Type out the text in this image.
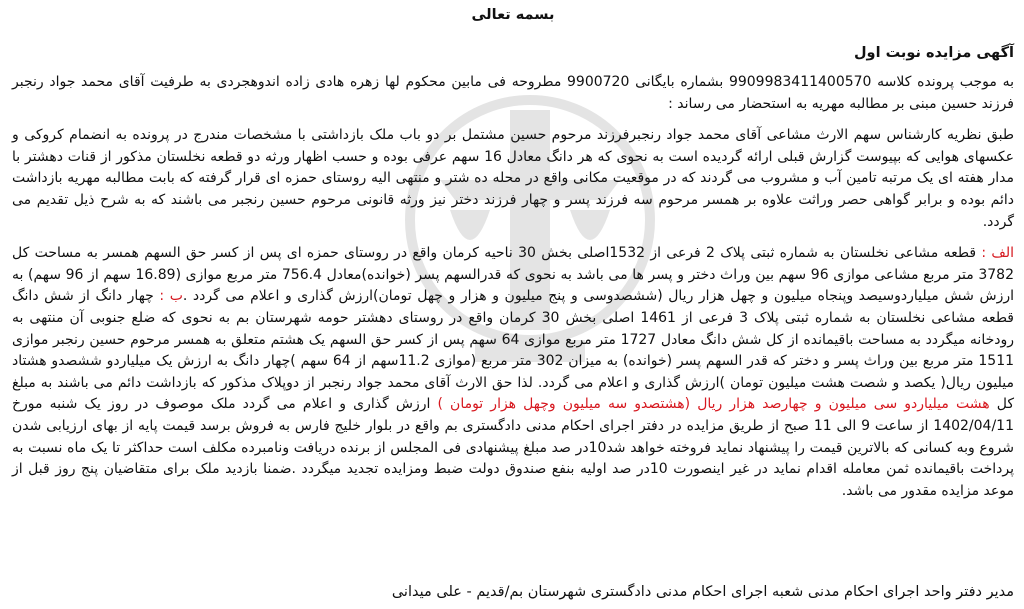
بسمه تعالی
آگهی مزایده نوبت اول

به موجب پرونده کلاسه 9909983411400570 بشماره بایگانی 9900720 مطروحه فی مابین محکوم لها زهره هادی زاده اندوهجردی به طرفیت آقای محمد جواد رنجبر فرزند حسین مبنی بر مطالبه مهریه به استحضار می رساند :

طبق نظریه کارشناس سهم الارث مشاعی آقای محمد جواد رنجبرفرزند مرحوم حسین مشتمل بر دو باب ملک بازداشتی با مشخصات مندرج در پرونده به انضمام کروکی و عکسهای هوایی که بپیوست گزارش قبلی ارائه گردیده است به نحوی که هر دانگ معادل 16 سهم عرفی بوده و حسب اظهار ورثه دو قطعه نخلستان مذکور از قنات دهشتر با مدار هفته ای یک مرتبه تامین آب و مشروب می گردند که در موقعیت مکانی واقع در محله ده شتر و منتهی الیه روستای حمزه ای قرار گرفته که بابت مطالبه مهریه بازداشت دائم بوده و برابر گواهی حصر وراثت علاوه بر همسر مرحوم سه فرزند پسر و چهار فرزند دختر نیز ورثه قانونی مرحوم حسین رنجبر می باشند که به شرح ذیل تقدیم می گردد.

الف : قطعه مشاعی نخلستان به شماره ثبتی پلاک 2 فرعی از 1532اصلی بخش 30 ناحیه کرمان واقع در روستای حمزه ای پس از کسر حق السهم همسر به مساحت کل 3782 متر مربع مشاعی موازی 96 سهم بین وراث دختر و پسر ها می باشد به نحوی که قدرالسهم پسر (خوانده)معادل 756.4 متر مربع موازی (16.89 سهم از 96 سهم) به ارزش شش میلیاردوسیصد وپنجاه میلیون و چهل هزار ریال (ششصدوسی و پنج میلیون و هزار و چهل تومان)ارزش گذاری و اعلام می گردد .ب : چهار دانگ از شش دانگ قطعه مشاعی نخلستان به شماره ثبتی پلاک 3 فرعی از 1461 اصلی بخش 30 کرمان واقع در روستای دهشتر حومه شهرستان بم به نحوی که ضلع جنوبی آن منتهی به رودخانه میگردد به مساحت باقیمانده از کل شش دانگ معادل 1727 متر مربع موازی 64 سهم پس از کسر حق السهم یک هشتم متعلق به همسر مرحوم حسین رنجبر موازی 1511 متر مربع بین وراث پسر و دختر که قدر السهم پسر (خوانده) به میزان 302 متر مربع (موازی 11.2سهم از 64 سهم )چهار دانگ به ارزش یک میلیاردو ششصدو هشتاد میلیون ریال( یکصد و شصت هشت میلیون تومان )ارزش گذاری و اعلام می گردد. لذا حق الارث آقای محمد جواد رنجبر از دوپلاک مذکور که بازداشت دائم می باشند به مبلغ کل هشت میلیاردو سی میلیون و چهارصد هزار ریال (هشتصدو سه میلیون وچهل هزار تومان ) ارزش گذاری و اعلام می گردد ملک موصوف در روز یک شنبه مورخ 1402/04/11 از ساعت 9 الی 11 صبح از طریق مزایده در دفتر اجرای احکام مدنی دادگستری بم واقع در بلوار خلیج فارس به فروش برسد قیمت پایه از بهای ارزیابی شدن شروع وبه کسانی که بالاترین قیمت را پیشنهاد نماید فروخته خواهد شد10در صد مبلغ پیشنهادی فی المجلس از برنده دریافت ونامبرده مکلف است حداکثر تا یک ماه نسبت به پرداخت باقیمانده ثمن معامله اقدام نماید در غیر اینصورت 10در صد اولیه بنفع صندوق دولت ضبط ومزایده تجدید میگردد .ضمنا بازدید ملک برای متقاضیان پنج روز قبل از موعد مزایده مقدور می باشد.

مدیر دفتر واحد اجرای احکام مدنی شعبه اجرای احکام مدنی دادگستری شهرستان بم/قدیم - علی میدانی
